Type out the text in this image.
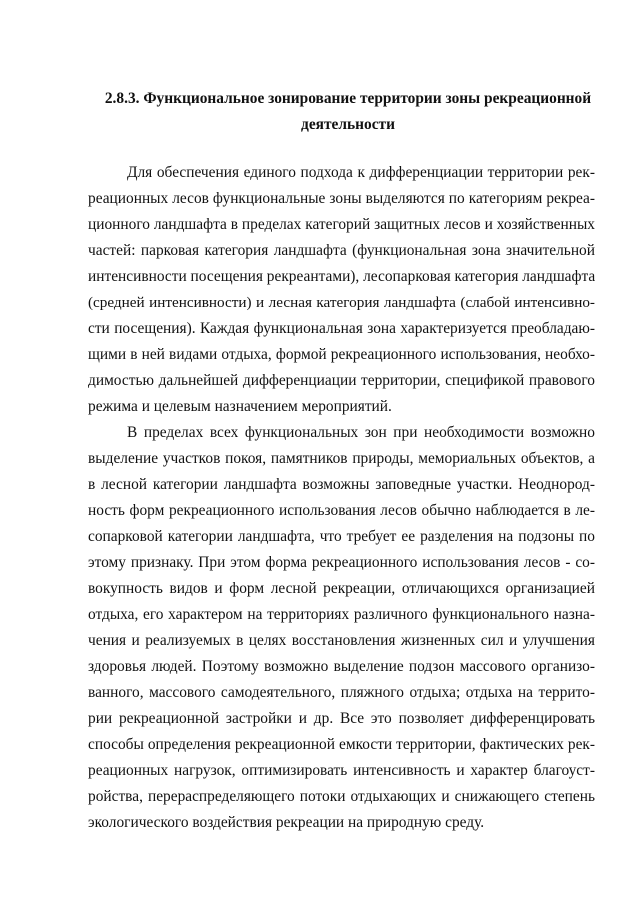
2.8.3. Функциональное зонирование территории зоны рекреационной
деятельности
Для обеспечения единого подхода к дифференциации территории рек-
реационных лесов функциональные зоны выделяются по категориям рекреа-
ционного ландшафта в пределах категорий защитных лесов и хозяйственных
частей: парковая категория ландшафта (функциональная зона значительной
интенсивности посещения рекреантами), лесопарковая категория ландшафта
(средней интенсивности) и лесная категория ландшафта (слабой интенсивно-
сти посещения). Каждая функциональная зона характеризуется преобладаю-
щими в ней видами отдыха, формой рекреационного использования, необхо-
димостью дальнейшей дифференциации территории, спецификой правового
режима и целевым назначением мероприятий.
В пределах всех функциональных зон при необходимости возможно
выделение участков покоя, памятников природы, мемориальных объектов, а
в лесной категории ландшафта возможны заповедные участки. Неоднород-
ность форм рекреационного использования лесов обычно наблюдается в ле-
сопарковой категории ландшафта, что требует ее разделения на подзоны по
этому признаку. При этом форма рекреационного использования лесов - со-
вокупность видов и форм лесной рекреации, отличающихся организацией
отдыха, его характером на территориях различного функционального назна-
чения и реализуемых в целях восстановления жизненных сил и улучшения
здоровья людей. Поэтому возможно выделение подзон массового организо-
ванного, массового самодеятельного, пляжного отдыха; отдыха на террито-
рии рекреационной застройки и др. Все это позволяет дифференцировать
способы определения рекреационной емкости территории, фактических рек-
реационных нагрузок, оптимизировать интенсивность и характер благоуст-
ройства, перераспределяющего потоки отдыхающих и снижающего степень
экологического воздействия рекреации на природную среду.
